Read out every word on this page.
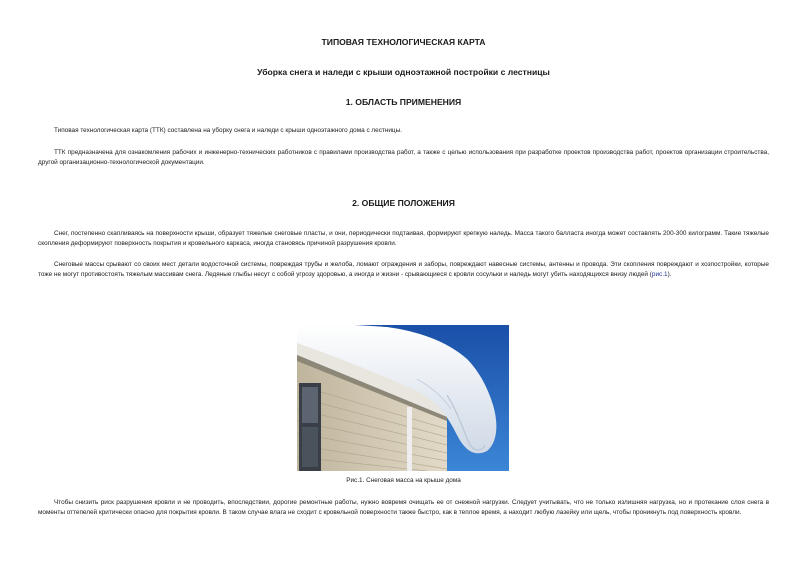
ТИПОВАЯ ТЕХНОЛОГИЧЕСКАЯ КАРТА
Уборка снега и наледи с крыши одноэтажной постройки с лестницы
1. ОБЛАСТЬ ПРИМЕНЕНИЯ

Типовая технологическая карта (ТТК) составлена на уборку снега и наледи с крыши одноэтажного дома с лестницы.

ТТК предназначена для ознакомления рабочих и инженерно-технических работников с правилами производства работ, а также с целью использования при разработке проектов производства работ, проектов организации строительства, другой организационно-технологической документации.

2. ОБЩИЕ ПОЛОЖЕНИЯ

Снег, постепенно скапливаясь на поверхности крыши, образует тяжелые снеговые пласты, и они, периодически подтаивая, формируют крепкую наледь. Масса такого балласта иногда может составлять 200-300 килограмм. Такие тяжелые скопления деформируют поверхность покрытия и кровельного каркаса, иногда становясь причиной разрушения кровли.

Снеговые массы срывают со своих мест детали водосточной системы, повреждая трубы и желоба, ломают ограждения и заборы, повреждают навесные системы, антенны и провода. Эти скопления повреждают и хозпостройки, которые тоже не могут противостоять тяжелым массивам снега. Ледяные глыбы несут с собой угрозу здоровью, а иногда и жизни - срывающиеся с кровли сосульки и наледь могут убить находящихся внизу людей (рис.1).

Рис.1. Снеговая масса на крыше дома

Чтобы снизить риск разрушения кровли и не проводить, впоследствии, дорогие ремонтные работы, нужно вовремя очищать ее от снежной нагрузки. Следует учитывать, что не только излишняя нагрузка, но и протекание слоя снега в моменты оттепелей критически опасно для покрытия кровли. В таком случае влага не сходит с кровельной поверхности также быстро, как в теплое время, а находит любую лазейку или щель, чтобы проникнуть под поверхность кровли.
